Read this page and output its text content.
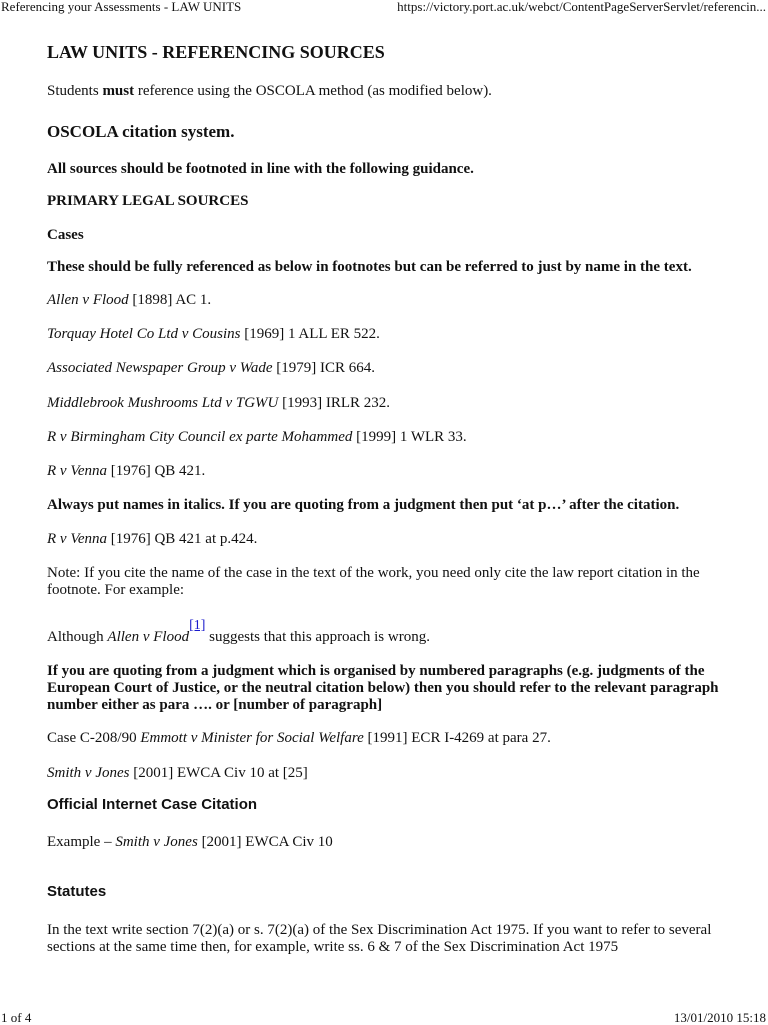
Referencing your Assessments - LAW UNITS	https://victory.port.ac.uk/webct/ContentPageServerServlet/referencin...

LAW UNITS - REFERENCING SOURCES

Students must reference using the OSCOLA method (as modified below).

OSCOLA citation system.

All sources should be footnoted in line with the following guidance.

PRIMARY LEGAL SOURCES

Cases

These should be fully referenced as below in footnotes but can be referred to just by name in the text.

Allen v Flood [1898] AC 1.

Torquay Hotel Co Ltd v Cousins [1969] 1 ALL ER 522.

Associated Newspaper Group v Wade [1979] ICR 664.

Middlebrook Mushrooms Ltd v TGWU [1993] IRLR 232.

R v Birmingham City Council ex parte Mohammed [1999] 1 WLR 33.

R v Venna [1976] QB 421.

Always put names in italics. If you are quoting from a judgment then put ‘at p…’ after the citation.

R v Venna [1976] QB 421 at p.424.

Note: If you cite the name of the case in the text of the work, you need only cite the law report citation in the footnote. For example:

Although Allen v Flood[1] suggests that this approach is wrong.

If you are quoting from a judgment which is organised by numbered paragraphs (e.g. judgments of the European Court of Justice, or the neutral citation below) then you should refer to the relevant paragraph number either as para …. or [number of paragraph]

Case C-208/90 Emmott v Minister for Social Welfare [1991] ECR I-4269 at para 27.

Smith v Jones [2001] EWCA Civ 10 at [25]

Official Internet Case Citation

Example – Smith v Jones [2001] EWCA Civ 10

Statutes

In the text write section 7(2)(a) or s. 7(2)(a) of the Sex Discrimination Act 1975. If you want to refer to several sections at the same time then, for example, write ss. 6 & 7 of the Sex Discrimination Act 1975

1 of 4	13/01/2010 15:18
